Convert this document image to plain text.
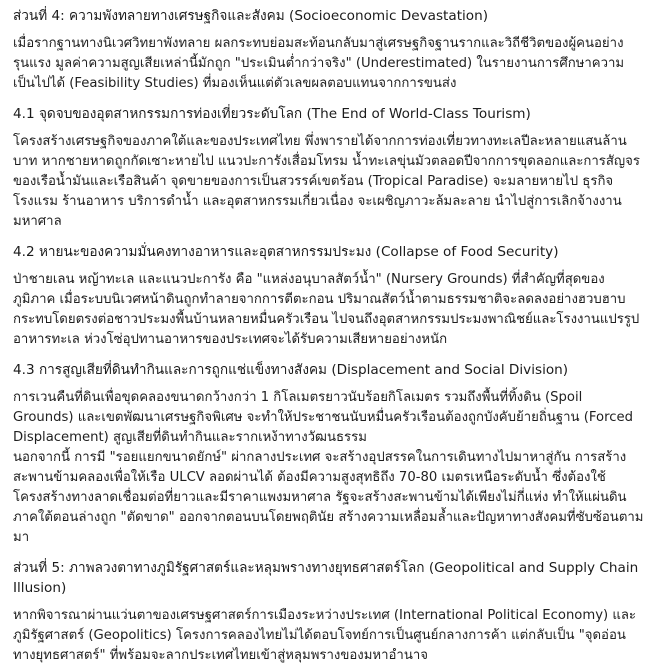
ส่วนที่ 4: ความพังทลายทางเศรษฐกิจและสังคม (Socioeconomic Devastation)

เมื่อรากฐานทางนิเวศวิทยาพังทลาย ผลกระทบย่อมสะท้อนกลับมาสู่เศรษฐกิจฐานรากและวิถีชีวิตของผู้คนอย่างรุนแรง มูลค่าความสูญเสียเหล่านี้มักถูก "ประเมินต่ำกว่าจริง" (Underestimated) ในรายงานการศึกษาความเป็นไปได้ (Feasibility Studies) ที่มองเห็นแต่ตัวเลขผลตอบแทนจากการขนส่ง

4.1 จุดจบของอุตสาหกรรมการท่องเที่ยวระดับโลก (The End of World-Class Tourism)

โครงสร้างเศรษฐกิจของภาคใต้และของประเทศไทย พึ่งพารายได้จากการท่องเที่ยวทางทะเลปีละหลายแสนล้านบาท หากชายหาดถูกกัดเซาะหายไป แนวปะการังเสื่อมโทรม น้ำทะเลขุ่นมัวตลอดปีจากการขุดลอกและการสัญจรของเรือน้ำมันและเรือสินค้า จุดขายของการเป็นสวรรค์เขตร้อน (Tropical Paradise) จะมลายหายไป ธุรกิจโรงแรม ร้านอาหาร บริการดำน้ำ และอุตสาหกรรมเกี่ยวเนื่อง จะเผชิญภาวะล้มละลาย นำไปสู่การเลิกจ้างงานมหาศาล

4.2 หายนะของความมั่นคงทางอาหารและอุตสาหกรรมประมง (Collapse of Food Security)

ป่าชายเลน หญ้าทะเล และแนวปะการัง คือ "แหล่งอนุบาลสัตว์น้ำ" (Nursery Grounds) ที่สำคัญที่สุดของภูมิภาค เมื่อระบบนิเวศหน้าดินถูกทำลายจากการตีตะกอน ปริมาณสัตว์น้ำตามธรรมชาติจะลดลงอย่างฮวบฮาบ กระทบโดยตรงต่อชาวประมงพื้นบ้านหลายหมื่นครัวเรือน ไปจนถึงอุตสาหกรรมประมงพาณิชย์และโรงงานแปรรูปอาหารทะเล ห่วงโซ่อุปทานอาหารของประเทศจะได้รับความเสียหายอย่างหนัก

4.3 การสูญเสียที่ดินทำกินและการถูกแช่แข็งทางสังคม (Displacement and Social Division)

การเวนคืนที่ดินเพื่อขุดคลองขนาดกว้างกว่า 1 กิโลเมตรยาวนับร้อยกิโลเมตร รวมถึงพื้นที่ทิ้งดิน (Spoil Grounds) และเขตพัฒนาเศรษฐกิจพิเศษ จะทำให้ประชาชนนับหมื่นครัวเรือนต้องถูกบังคับย้ายถิ่นฐาน (Forced Displacement) สูญเสียที่ดินทำกินและรากเหง้าทางวัฒนธรรม

นอกจากนี้ การมี "รอยแยกขนาดยักษ์" ผ่ากลางประเทศ จะสร้างอุปสรรคในการเดินทางไปมาหาสู่กัน การสร้างสะพานข้ามคลองเพื่อให้เรือ ULCV ลอดผ่านได้ ต้องมีความสูงสุทธิถึง 70-80 เมตรเหนือระดับน้ำ ซึ่งต้องใช้โครงสร้างทางลาดเชื่อมต่อที่ยาวและมีราคาแพงมหาศาล รัฐจะสร้างสะพานข้ามได้เพียงไม่กี่แห่ง ทำให้แผ่นดินภาคใต้ตอนล่างถูก "ตัดขาด" ออกจากตอนบนโดยพฤตินัย สร้างความเหลื่อมล้ำและปัญหาทางสังคมที่ซับซ้อนตามมา

ส่วนที่ 5: ภาพลวงตาทางภูมิรัฐศาสตร์และหลุมพรางทางยุทธศาสตร์โลก (Geopolitical and Supply Chain Illusion)

หากพิจารณาผ่านแว่นตาของเศรษฐศาสตร์การเมืองระหว่างประเทศ (International Political Economy) และภูมิรัฐศาสตร์ (Geopolitics) โครงการคลองไทยไม่ได้ตอบโจทย์การเป็นศูนย์กลางการค้า แต่กลับเป็น "จุดอ่อนทางยุทธศาสตร์" ที่พร้อมจะลากประเทศไทยเข้าสู่หลุมพรางของมหาอำนาจ
